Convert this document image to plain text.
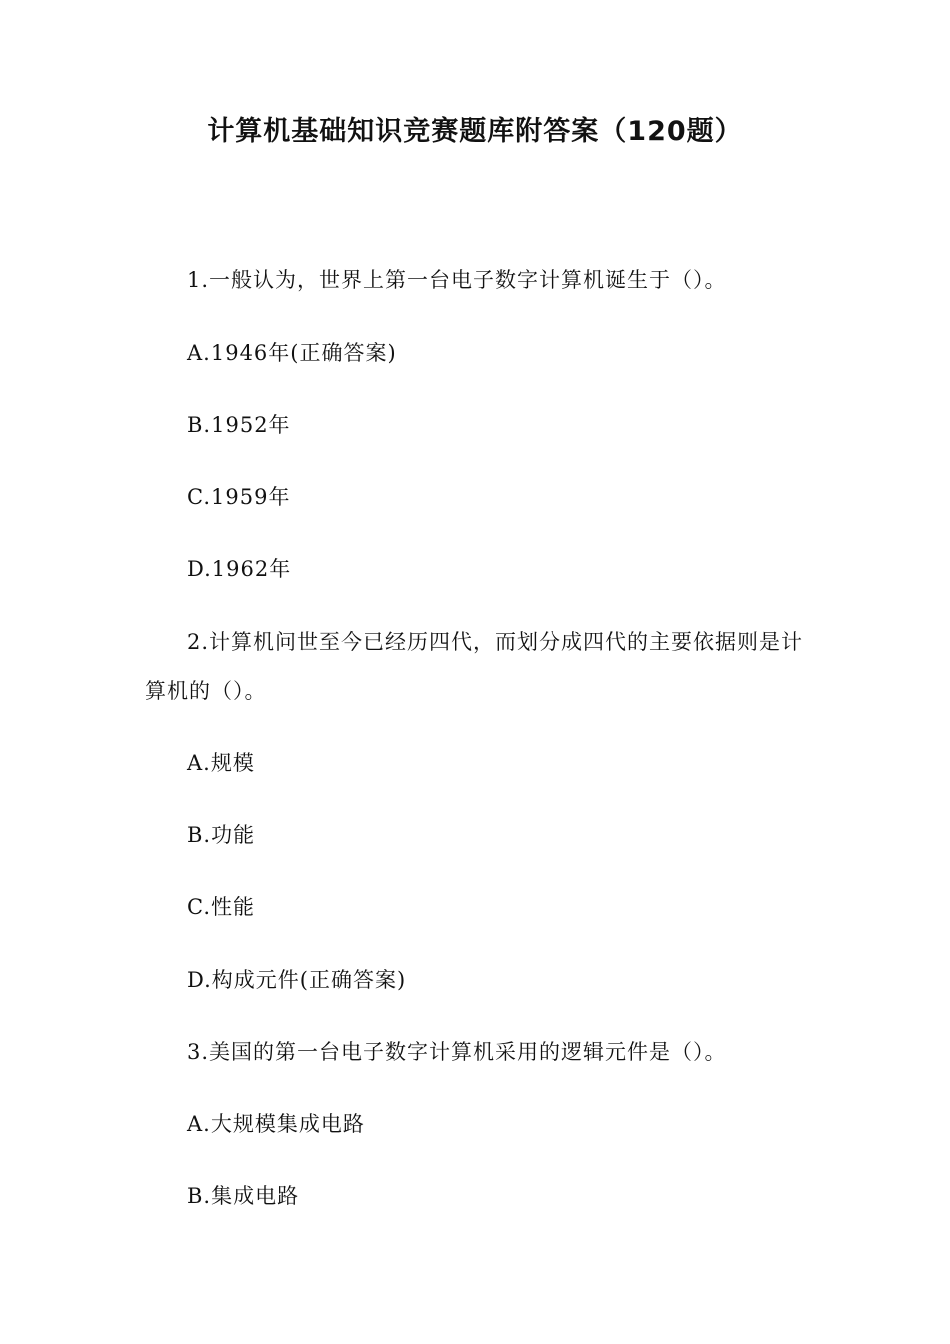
计算机基础知识竞赛题库附答案（120题）
1.一般认为，世界上第一台电子数字计算机诞生于（）。
A.1946年(正确答案)
B.1952年
C.1959年
D.1962年
2.计算机问世至今已经历四代，而划分成四代的主要依据则是计
算机的（）。
A.规模
B.功能
C.性能
D.构成元件(正确答案)
3.美国的第一台电子数字计算机采用的逻辑元件是（）。
A.大规模集成电路
B.集成电路
